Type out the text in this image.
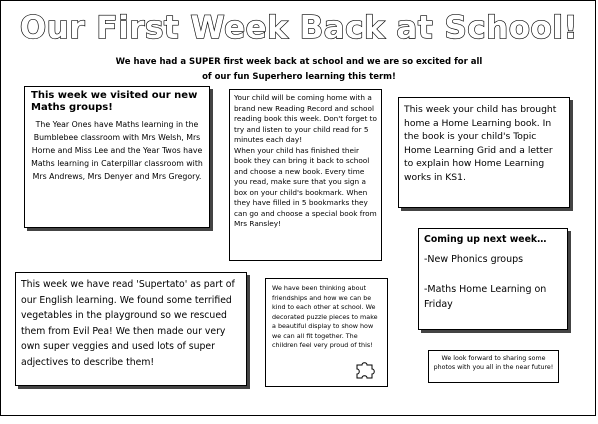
Our First Week Back at School!
We have had a SUPER first week back at school and we are so excited for all of our fun Superhero learning this term!
This week we visited our new Maths groups!
The Year Ones have Maths learning in the Bumblebee classroom with Mrs Welsh, Mrs Horne and Miss Lee and the Year Twos have Maths learning in Caterpillar classroom with Mrs Andrews, Mrs Denyer and Mrs Gregory.
Your child will be coming home with a brand new Reading Record and school reading book this week. Don't forget to try and listen to your child read for 5 minutes each day!
When your child has finished their book they can bring it back to school and choose a new book. Every time you read, make sure that you sign a box on your child's bookmark. When they have filled in 5 bookmarks they can go and choose a special book from Mrs Ransley!
This week your child has brought home a Home Learning book. In the book is your child's Topic Home Learning Grid and a letter to explain how Home Learning works in KS1.
Coming up next week…
-New Phonics groups
-Maths Home Learning on Friday
This week we have read 'Supertato' as part of our English learning. We found some terrified vegetables in the playground so we rescued them from Evil Pea! We then made our very own super veggies and used lots of super adjectives to describe them!
We have been thinking about friendships and how we can be kind to each other at school. We decorated puzzle pieces to make a beautiful display to show how we can all fit together. The children feel very proud of this!
We look forward to sharing some photos with you all in the near future!
